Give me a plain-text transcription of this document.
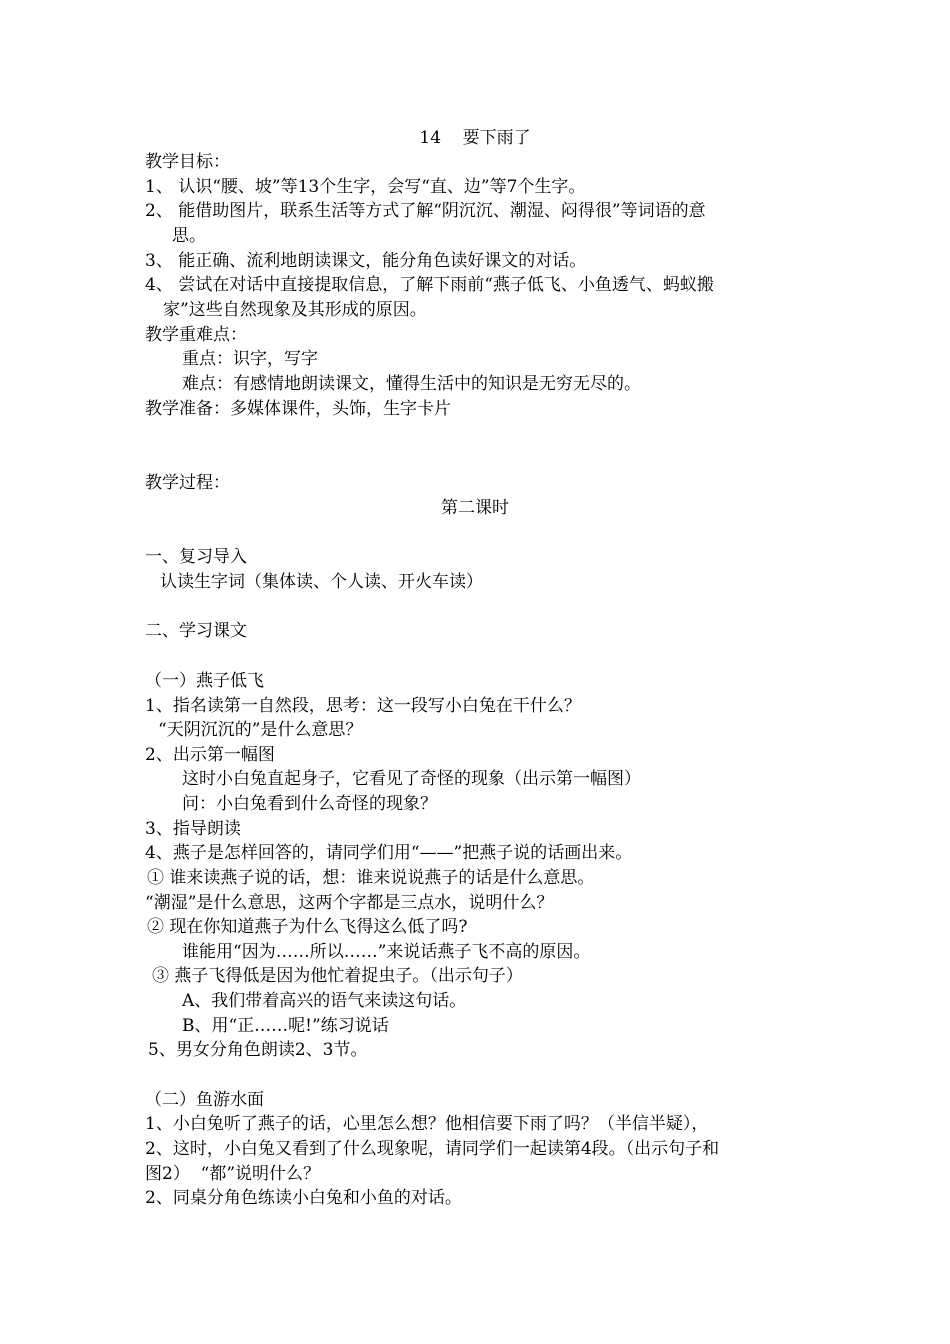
14    要下雨了
教学目标：
1、 认识“腰、坡”等13个生字，会写“直、边”等7个生字。
2、 能借助图片，联系生活等方式了解“阴沉沉、潮湿、闷得很”等词语的意
思。
3、 能正确、流利地朗读课文，能分角色读好课文的对话。
4、 尝试在对话中直接提取信息，了解下雨前“燕子低飞、小鱼透气、蚂蚁搬
家”这些自然现象及其形成的原因。
教学重难点：
重点：识字，写字
难点：有感情地朗读课文，懂得生活中的知识是无穷无尽的。
教学准备：多媒体课件，头饰，生字卡片
教学过程：
第二课时
一、复习导入
认读生字词（集体读、个人读、开火车读）
二、学习课文
（一）燕子低飞
1、指名读第一自然段，思考：这一段写小白兔在干什么？
“天阴沉沉的”是什么意思？
2、出示第一幅图
这时小白兔直起身子，它看见了奇怪的现象（出示第一幅图）
问：小白兔看到什么奇怪的现象？
3、指导朗读
4、燕子是怎样回答的，请同学们用“——”把燕子说的话画出来。
① 谁来读燕子说的话，想：谁来说说燕子的话是什么意思。
“潮湿”是什么意思，这两个字都是三点水，说明什么？
② 现在你知道燕子为什么飞得这么低了吗?
谁能用“因为……所以……”来说话燕子飞不高的原因。
③ 燕子飞得低是因为他忙着捉虫子。（出示句子）
A、我们带着高兴的语气来读这句话。
B、用“正……呢!”练习说话
5、男女分角色朗读2、3节。
（二）鱼游水面
1、小白兔听了燕子的话，心里怎么想？他相信要下雨了吗？（半信半疑），
2、这时，小白兔又看到了什么现象呢，请同学们一起读第4段。（出示句子和
图2）  “都”说明什么？
2、同桌分角色练读小白兔和小鱼的对话。
